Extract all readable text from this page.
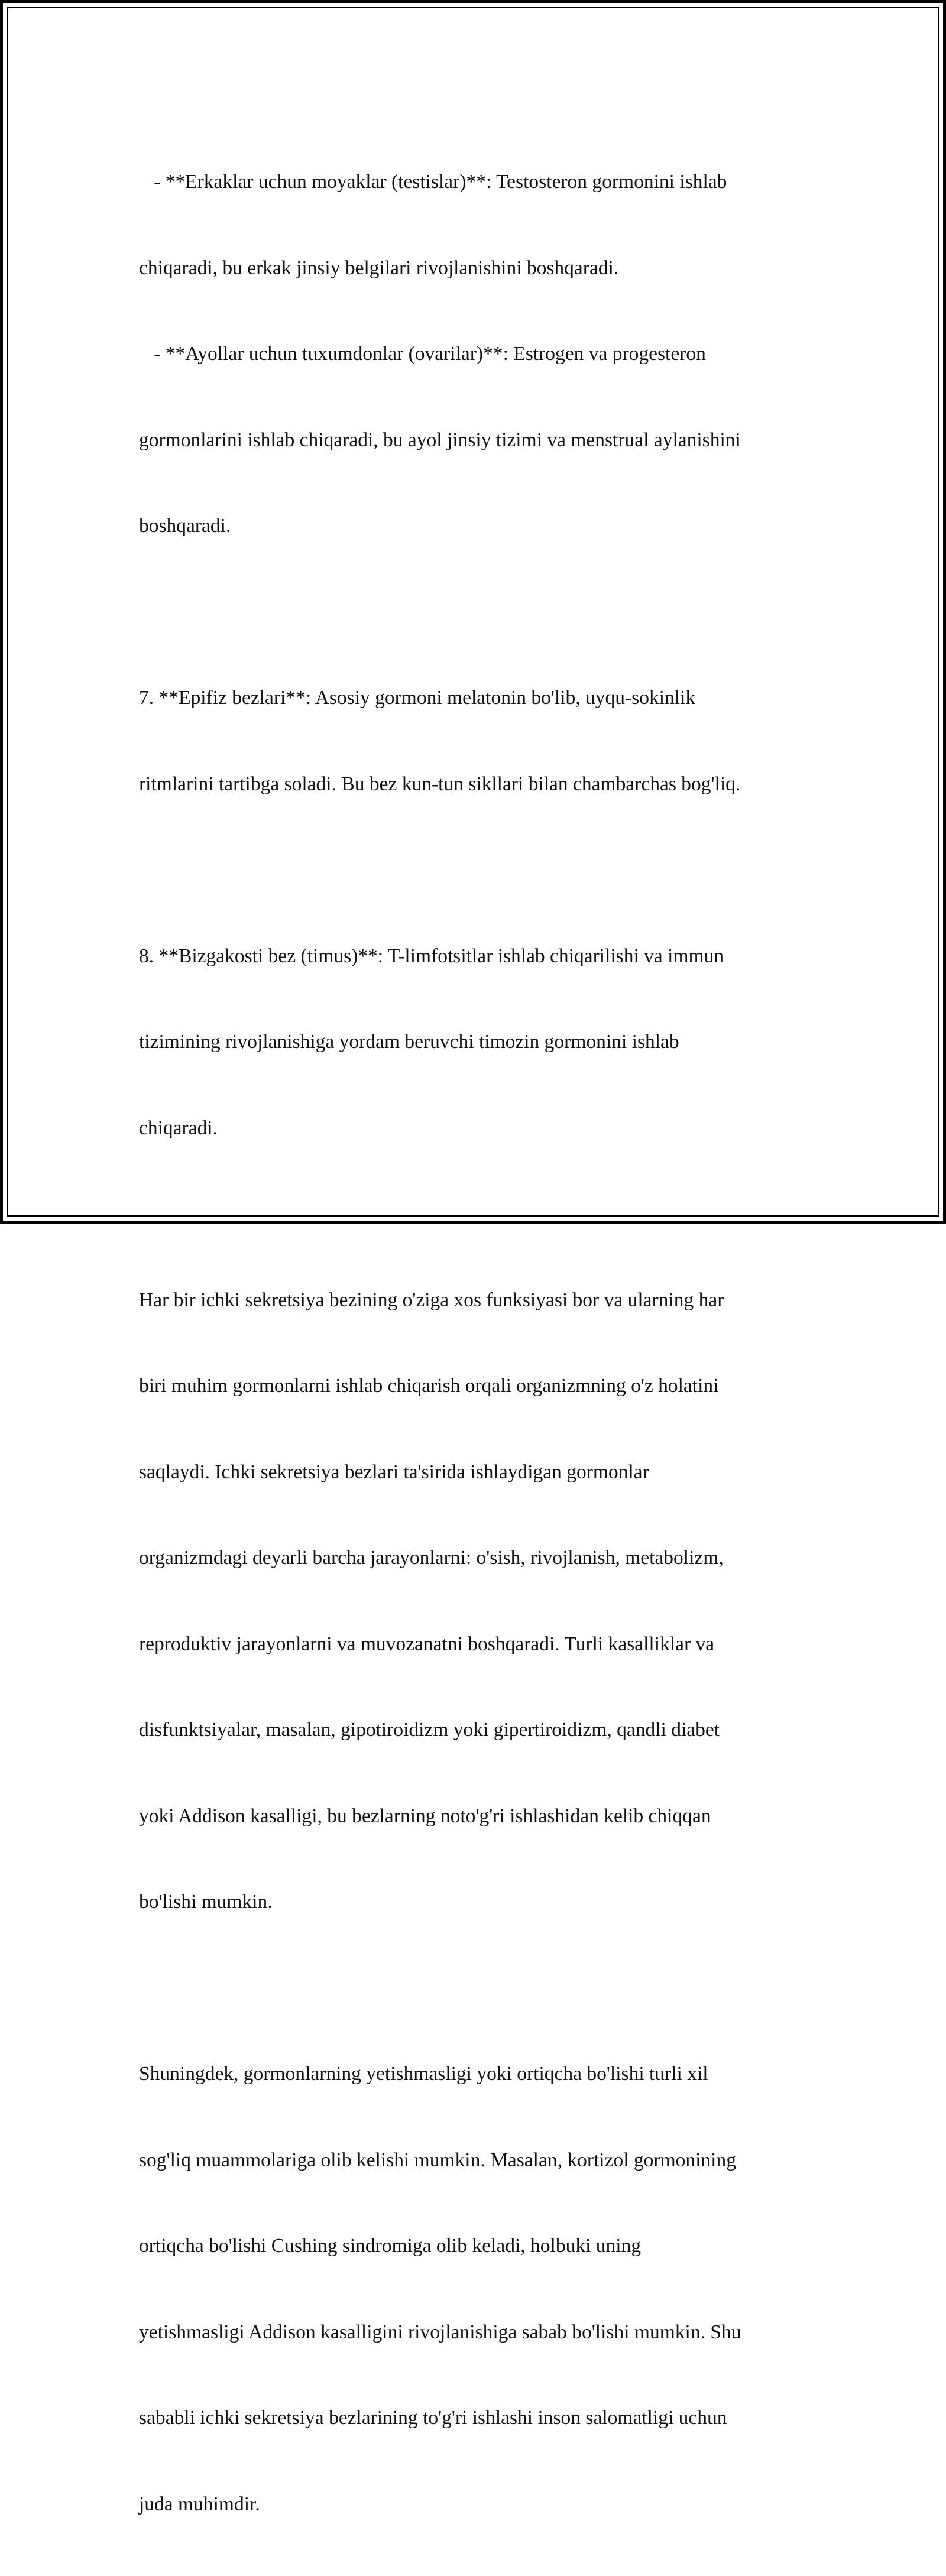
- **Erkaklar uchun moyaklar (testislar)**: Testosteron gormonini ishlab

chiqaradi, bu erkak jinsiy belgilari rivojlanishini boshqaradi.

- **Ayollar uchun tuxumdonlar (ovarilar)**: Estrogen va progesteron

gormonlarini ishlab chiqaradi, bu ayol jinsiy tizimi va menstrual aylanishini

boshqaradi.

7. **Epifiz bezlari**: Asosiy gormoni melatonin bo'lib, uyqu-sokinlik

ritmlarini tartibga soladi. Bu bez kun-tun sikllari bilan chambarchas bog'liq.

8. **Bizgakosti bez (timus)**: T-limfotsitlar ishlab chiqarilishi va immun

tizimining rivojlanishiga yordam beruvchi timozin gormonini ishlab

chiqaradi.

Har bir ichki sekretsiya bezining o'ziga xos funksiyasi bor va ularning har

biri muhim gormonlarni ishlab chiqarish orqali organizmning o'z holatini

saqlaydi. Ichki sekretsiya bezlari ta'sirida ishlaydigan gormonlar

organizmdagi deyarli barcha jarayonlarni: o'sish, rivojlanish, metabolizm,

reproduktiv jarayonlarni va muvozanatni boshqaradi. Turli kasalliklar va

disfunktsiyalar, masalan, gipotiroidizm yoki gipertiroidizm, qandli diabet

yoki Addison kasalligi, bu bezlarning noto'g'ri ishlashidan kelib chiqqan

bo'lishi mumkin.

Shuningdek, gormonlarning yetishmasligi yoki ortiqcha bo'lishi turli xil

sog'liq muammolariga olib kelishi mumkin. Masalan, kortizol gormonining

ortiqcha bo'lishi Cushing sindromiga olib keladi, holbuki uning

yetishmasligi Addison kasalligini rivojlanishiga sabab bo'lishi mumkin. Shu

sababli ichki sekretsiya bezlarining to'g'ri ishlashi inson salomatligi uchun

juda muhimdir.
